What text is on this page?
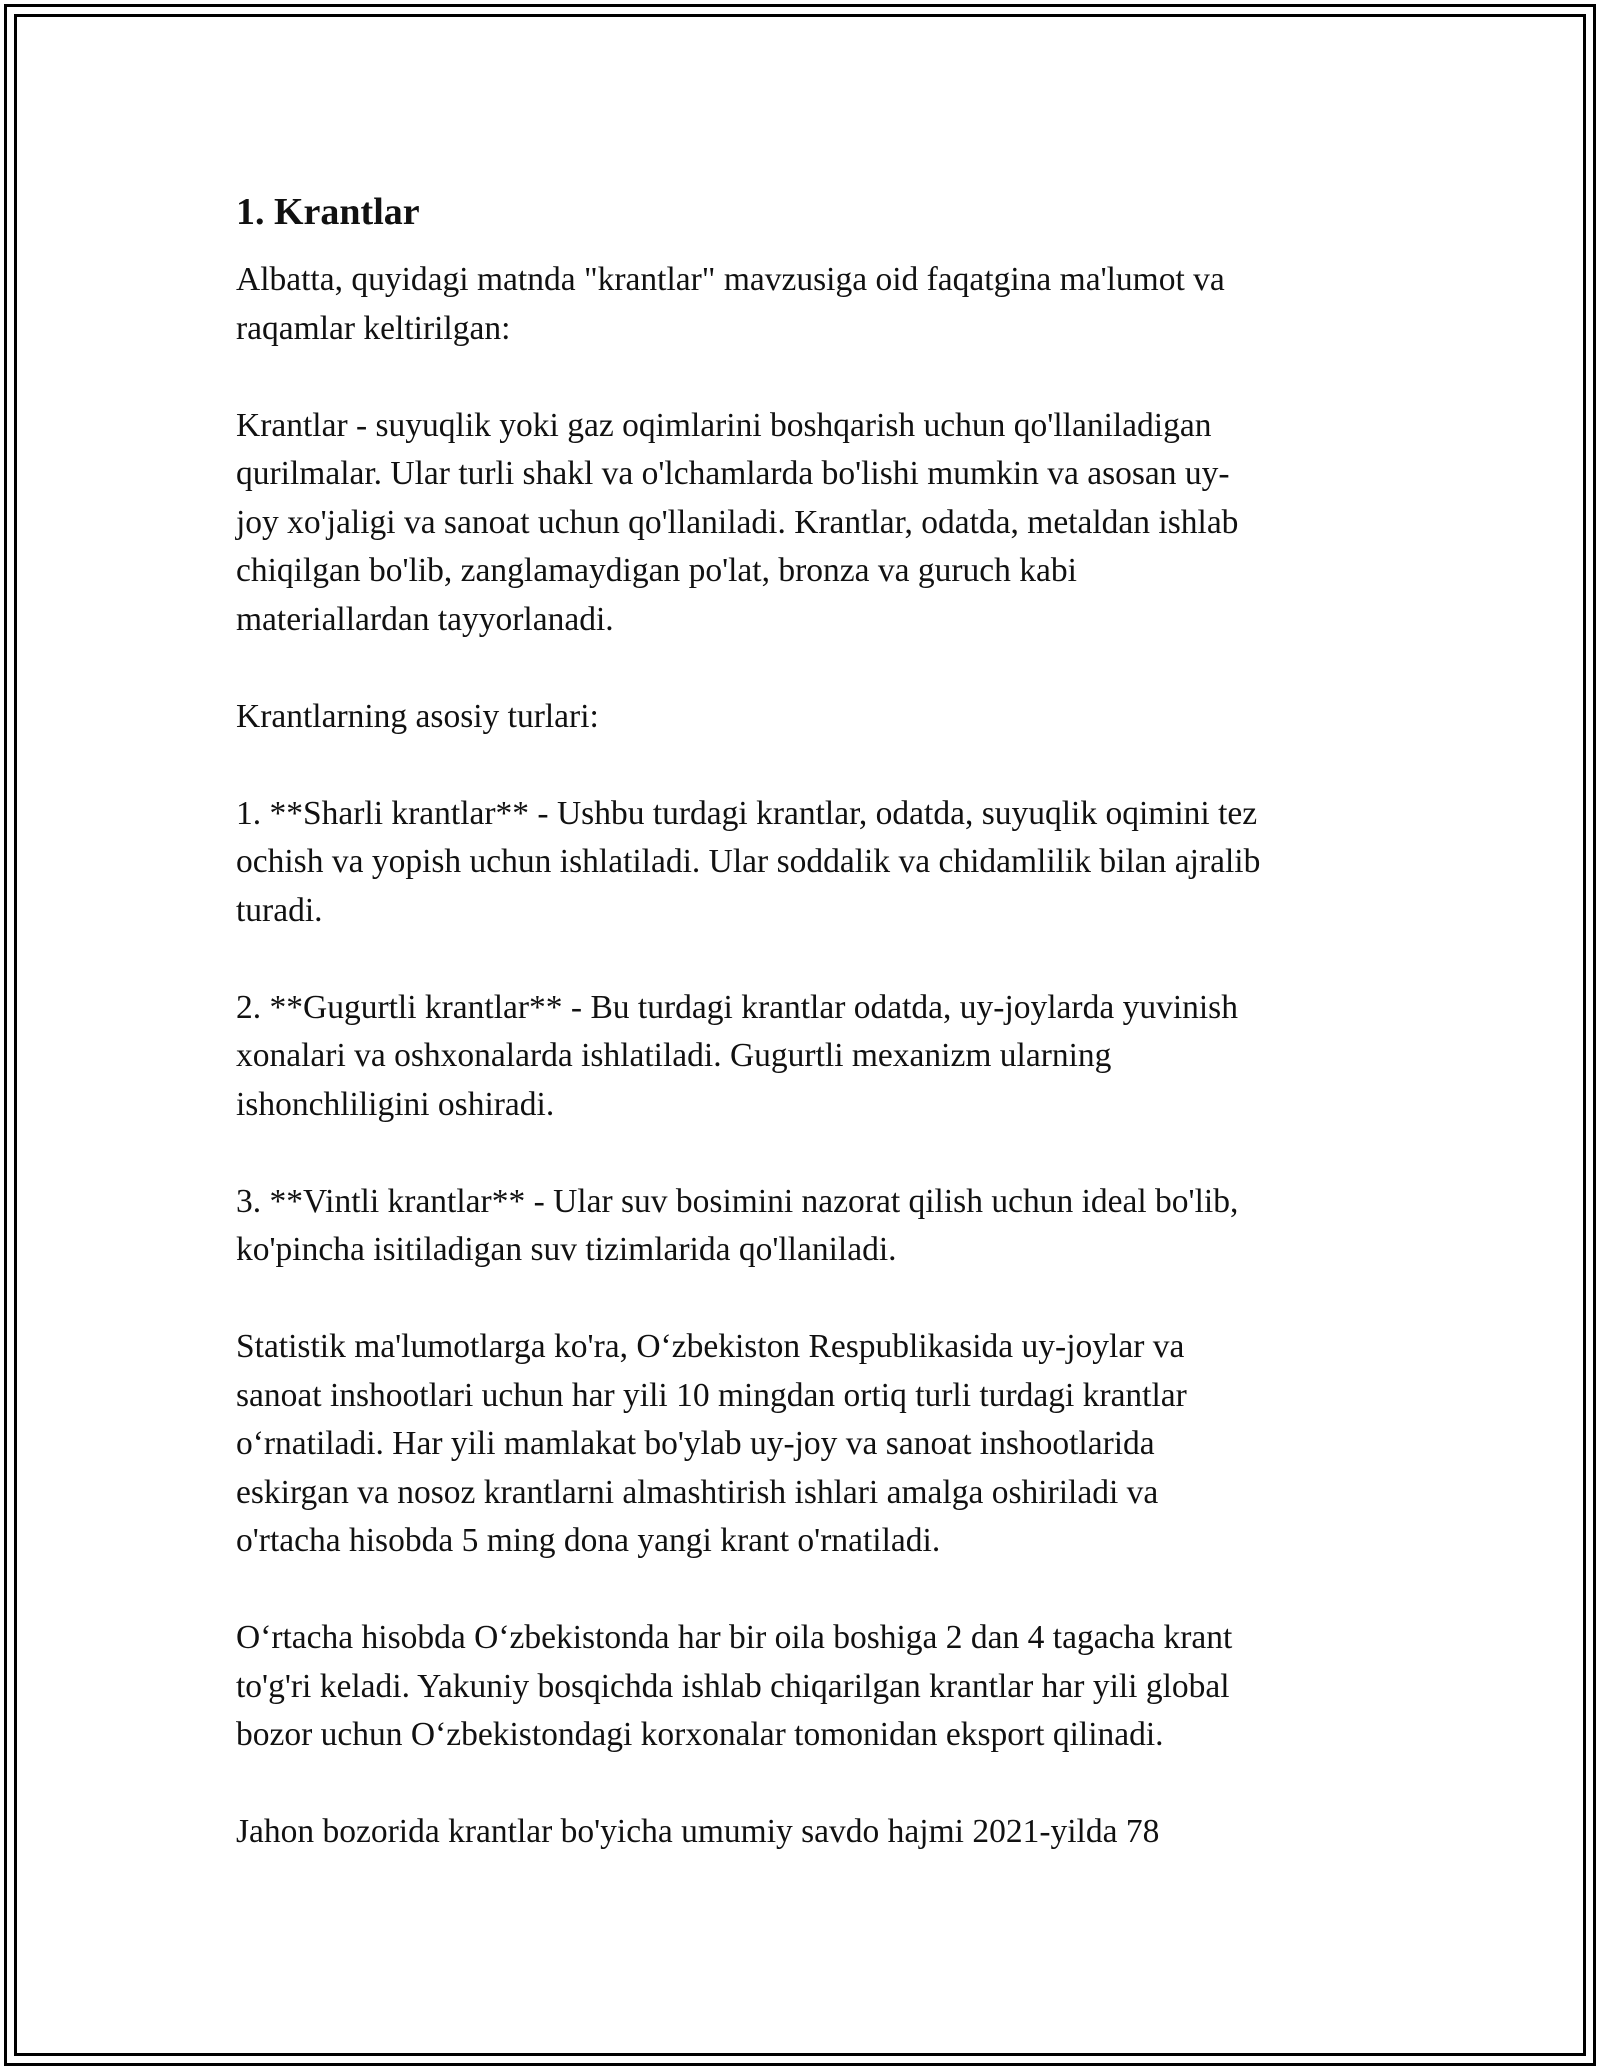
1. Krantlar
Albatta, quyidagi matnda "krantlar" mavzusiga oid faqatgina ma'lumot va
raqamlar keltirilgan:
Krantlar - suyuqlik yoki gaz oqimlarini boshqarish uchun qo'llaniladigan
qurilmalar. Ular turli shakl va o'lchamlarda bo'lishi mumkin va asosan uy-
joy xo'jaligi va sanoat uchun qo'llaniladi. Krantlar, odatda, metaldan ishlab
chiqilgan bo'lib, zanglamaydigan po'lat, bronza va guruch kabi
materiallardan tayyorlanadi.
Krantlarning asosiy turlari:
1. **Sharli krantlar** - Ushbu turdagi krantlar, odatda, suyuqlik oqimini tez
ochish va yopish uchun ishlatiladi. Ular soddalik va chidamlilik bilan ajralib
turadi.
2. **Gugurtli krantlar** - Bu turdagi krantlar odatda, uy-joylarda yuvinish
xonalari va oshxonalarda ishlatiladi. Gugurtli mexanizm ularning
ishonchliligini oshiradi.
3. **Vintli krantlar** - Ular suv bosimini nazorat qilish uchun ideal bo'lib,
ko'pincha isitiladigan suv tizimlarida qo'llaniladi.
Statistik ma'lumotlarga ko'ra, O‘zbekiston Respublikasida uy-joylar va
sanoat inshootlari uchun har yili 10 mingdan ortiq turli turdagi krantlar
o‘rnatiladi. Har yili mamlakat bo'ylab uy-joy va sanoat inshootlarida
eskirgan va nosoz krantlarni almashtirish ishlari amalga oshiriladi va
o'rtacha hisobda 5 ming dona yangi krant o'rnatiladi.
O‘rtacha hisobda O‘zbekistonda har bir oila boshiga 2 dan 4 tagacha krant
to'g'ri keladi. Yakuniy bosqichda ishlab chiqarilgan krantlar har yili global
bozor uchun O‘zbekistondagi korxonalar tomonidan eksport qilinadi.
Jahon bozorida krantlar bo'yicha umumiy savdo hajmi 2021-yilda 78
